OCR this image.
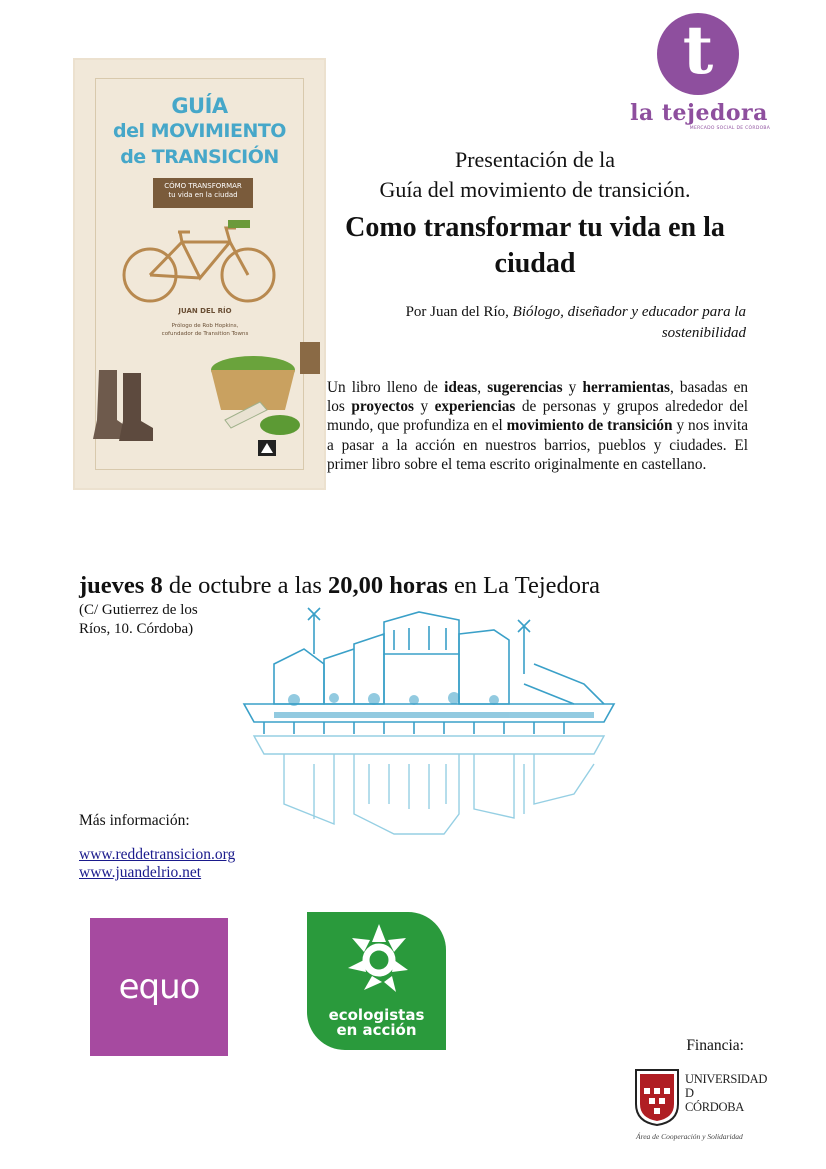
GUÍA
del MOVIMIENTO
de TRANSICIÓN
CÓMO TRANSFORMAR
tu vida en la ciudad
JUAN DEL RÍO
Prólogo de Rob Hopkins,
cofundador de Transition Towns
t
la tejedora
MERCADO SOCIAL DE CÓRDOBA
Presentación de la
Guía del movimiento de transición.
Como transformar tu vida en la ciudad
Por Juan del Río, Biólogo, diseñador y educador para la sostenibilidad
Un libro lleno de ideas, sugerencias y herramientas, basadas en los proyectos y experiencias de personas y grupos alrededor del mundo, que profundiza en el movimiento de transición y nos invita a pasar a la acción en nuestros barrios, pueblos y ciudades. El primer libro sobre el tema escrito originalmente en castellano.
jueves 8 de octubre a las 20,00 horas en La Tejedora
(C/ Gutierrez de los
Ríos, 10. Córdoba)
Más información:
www.reddetransicion.org
www.juandelrio.net
equo
ecologistas
en acción
Financia:
UNIVERSIDAD
D
CÓRDOBA
Área de Cooperación y Solidaridad
